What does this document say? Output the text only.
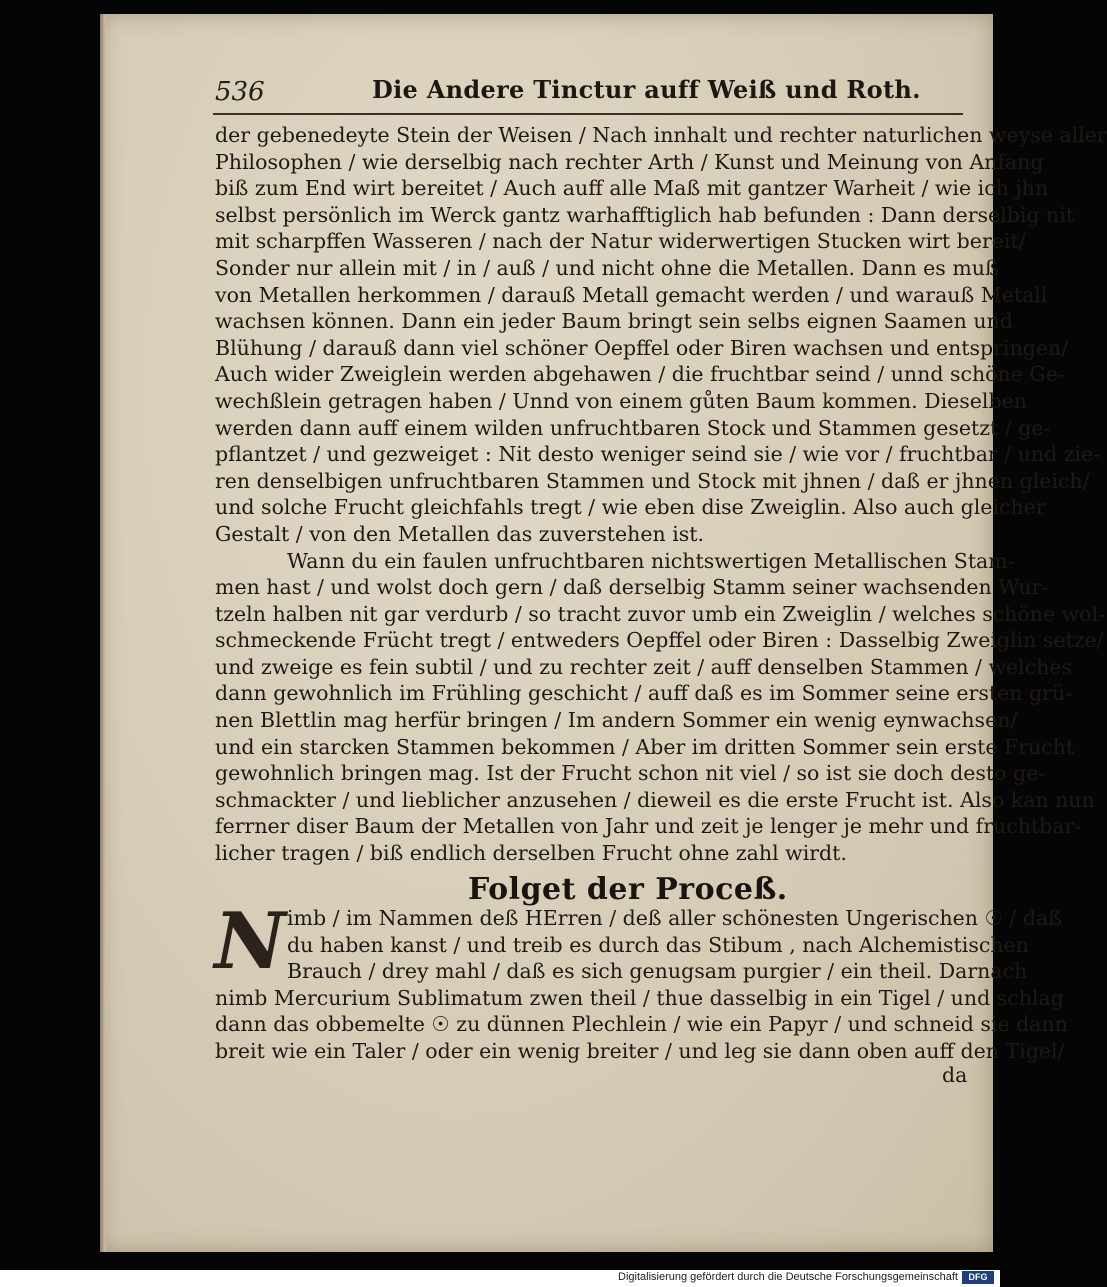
536	Die Andere Tinctur auff Weiß und Roth.
der gebenedeyte Stein der Weisen / Nach innhalt und rechter naturlichen weyse aller
Philosophen / wie derselbig nach rechter Arth / Kunst und Meinung von Anfang
biß zum End wirt bereitet / Auch auff alle Maß mit gantzer Warheit / wie ich jhn
selbst persönlich im Werck gantz warhafftiglich hab befunden : Dann derselbig nit
mit scharpffen Wasseren / nach der Natur widerwertigen Stucken wirt bereit/
Sonder nur allein mit / in / auß / und nicht ohne die Metallen. Dann es muß
von Metallen herkommen / darauß Metall gemacht werden / und warauß Metall
wachsen können. Dann ein jeder Baum bringt sein selbs eignen Saamen und
Blühung / darauß dann viel schöner Oepffel oder Biren wachsen und entspringen/
Auch wider Zweiglein werden abgehawen / die fruchtbar seind / unnd schöne Ge-
wechßlein getragen haben / Unnd von einem gůten Baum kommen. Dieselben
werden dann auff einem wilden unfruchtbaren Stock und Stammen gesetzt / ge-
pflantzet / und gezweiget : Nit desto weniger seind sie / wie vor / fruchtbar / und zie-
ren denselbigen unfruchtbaren Stammen und Stock mit jhnen / daß er jhnen gleich/
und solche Frucht gleichfahls tregt / wie eben dise Zweiglin. Also auch gleicher
Gestalt / von den Metallen das zuverstehen ist.
Wann du ein faulen unfruchtbaren nichtswertigen Metallischen Stam-
men hast / und wolst doch gern / daß derselbig Stamm seiner wachsenden Wur-
tzeln halben nit gar verdurb / so tracht zuvor umb ein Zweiglin / welches schöne wol-
schmeckende Frücht tregt / entweders Oepffel oder Biren : Dasselbig Zweiglin setze/
und zweige es fein subtil / und zu rechter zeit / auff denselben Stammen / welches
dann gewohnlich im Frühling geschicht / auff daß es im Sommer seine ersten grü-
nen Blettlin mag herfür bringen / Im andern Sommer ein wenig eynwachsen/
und ein starcken Stammen bekommen / Aber im dritten Sommer sein erste Frucht
gewohnlich bringen mag. Ist der Frucht schon nit viel / so ist sie doch desto ge-
schmackter / und lieblicher anzusehen / dieweil es die erste Frucht ist. Also kan nun
ferrner diser Baum der Metallen von Jahr und zeit je lenger je mehr und fruchtbar-
licher tragen / biß endlich derselben Frucht ohne zahl wirdt.
Folget der Proceß.
N imb / im Nammen deß HErren / deß aller schönesten Ungerischen ☉ / daß
du haben kanst / und treib es durch das Stibum , nach Alchemistischen
Brauch / drey mahl / daß es sich genugsam purgier / ein theil. Darnach
nimb Mercurium Sublimatum zwen theil / thue dasselbig in ein Tigel / und schlag
dann das obbemelte ☉ zu dünnen Plechlein / wie ein Papyr / und schneid sie dann
breit wie ein Taler / oder ein wenig breiter / und leg sie dann oben auff den Tigel/
da
Digitalisierung gefördert durch die Deutsche Forschungsgemeinschaft	DFG
